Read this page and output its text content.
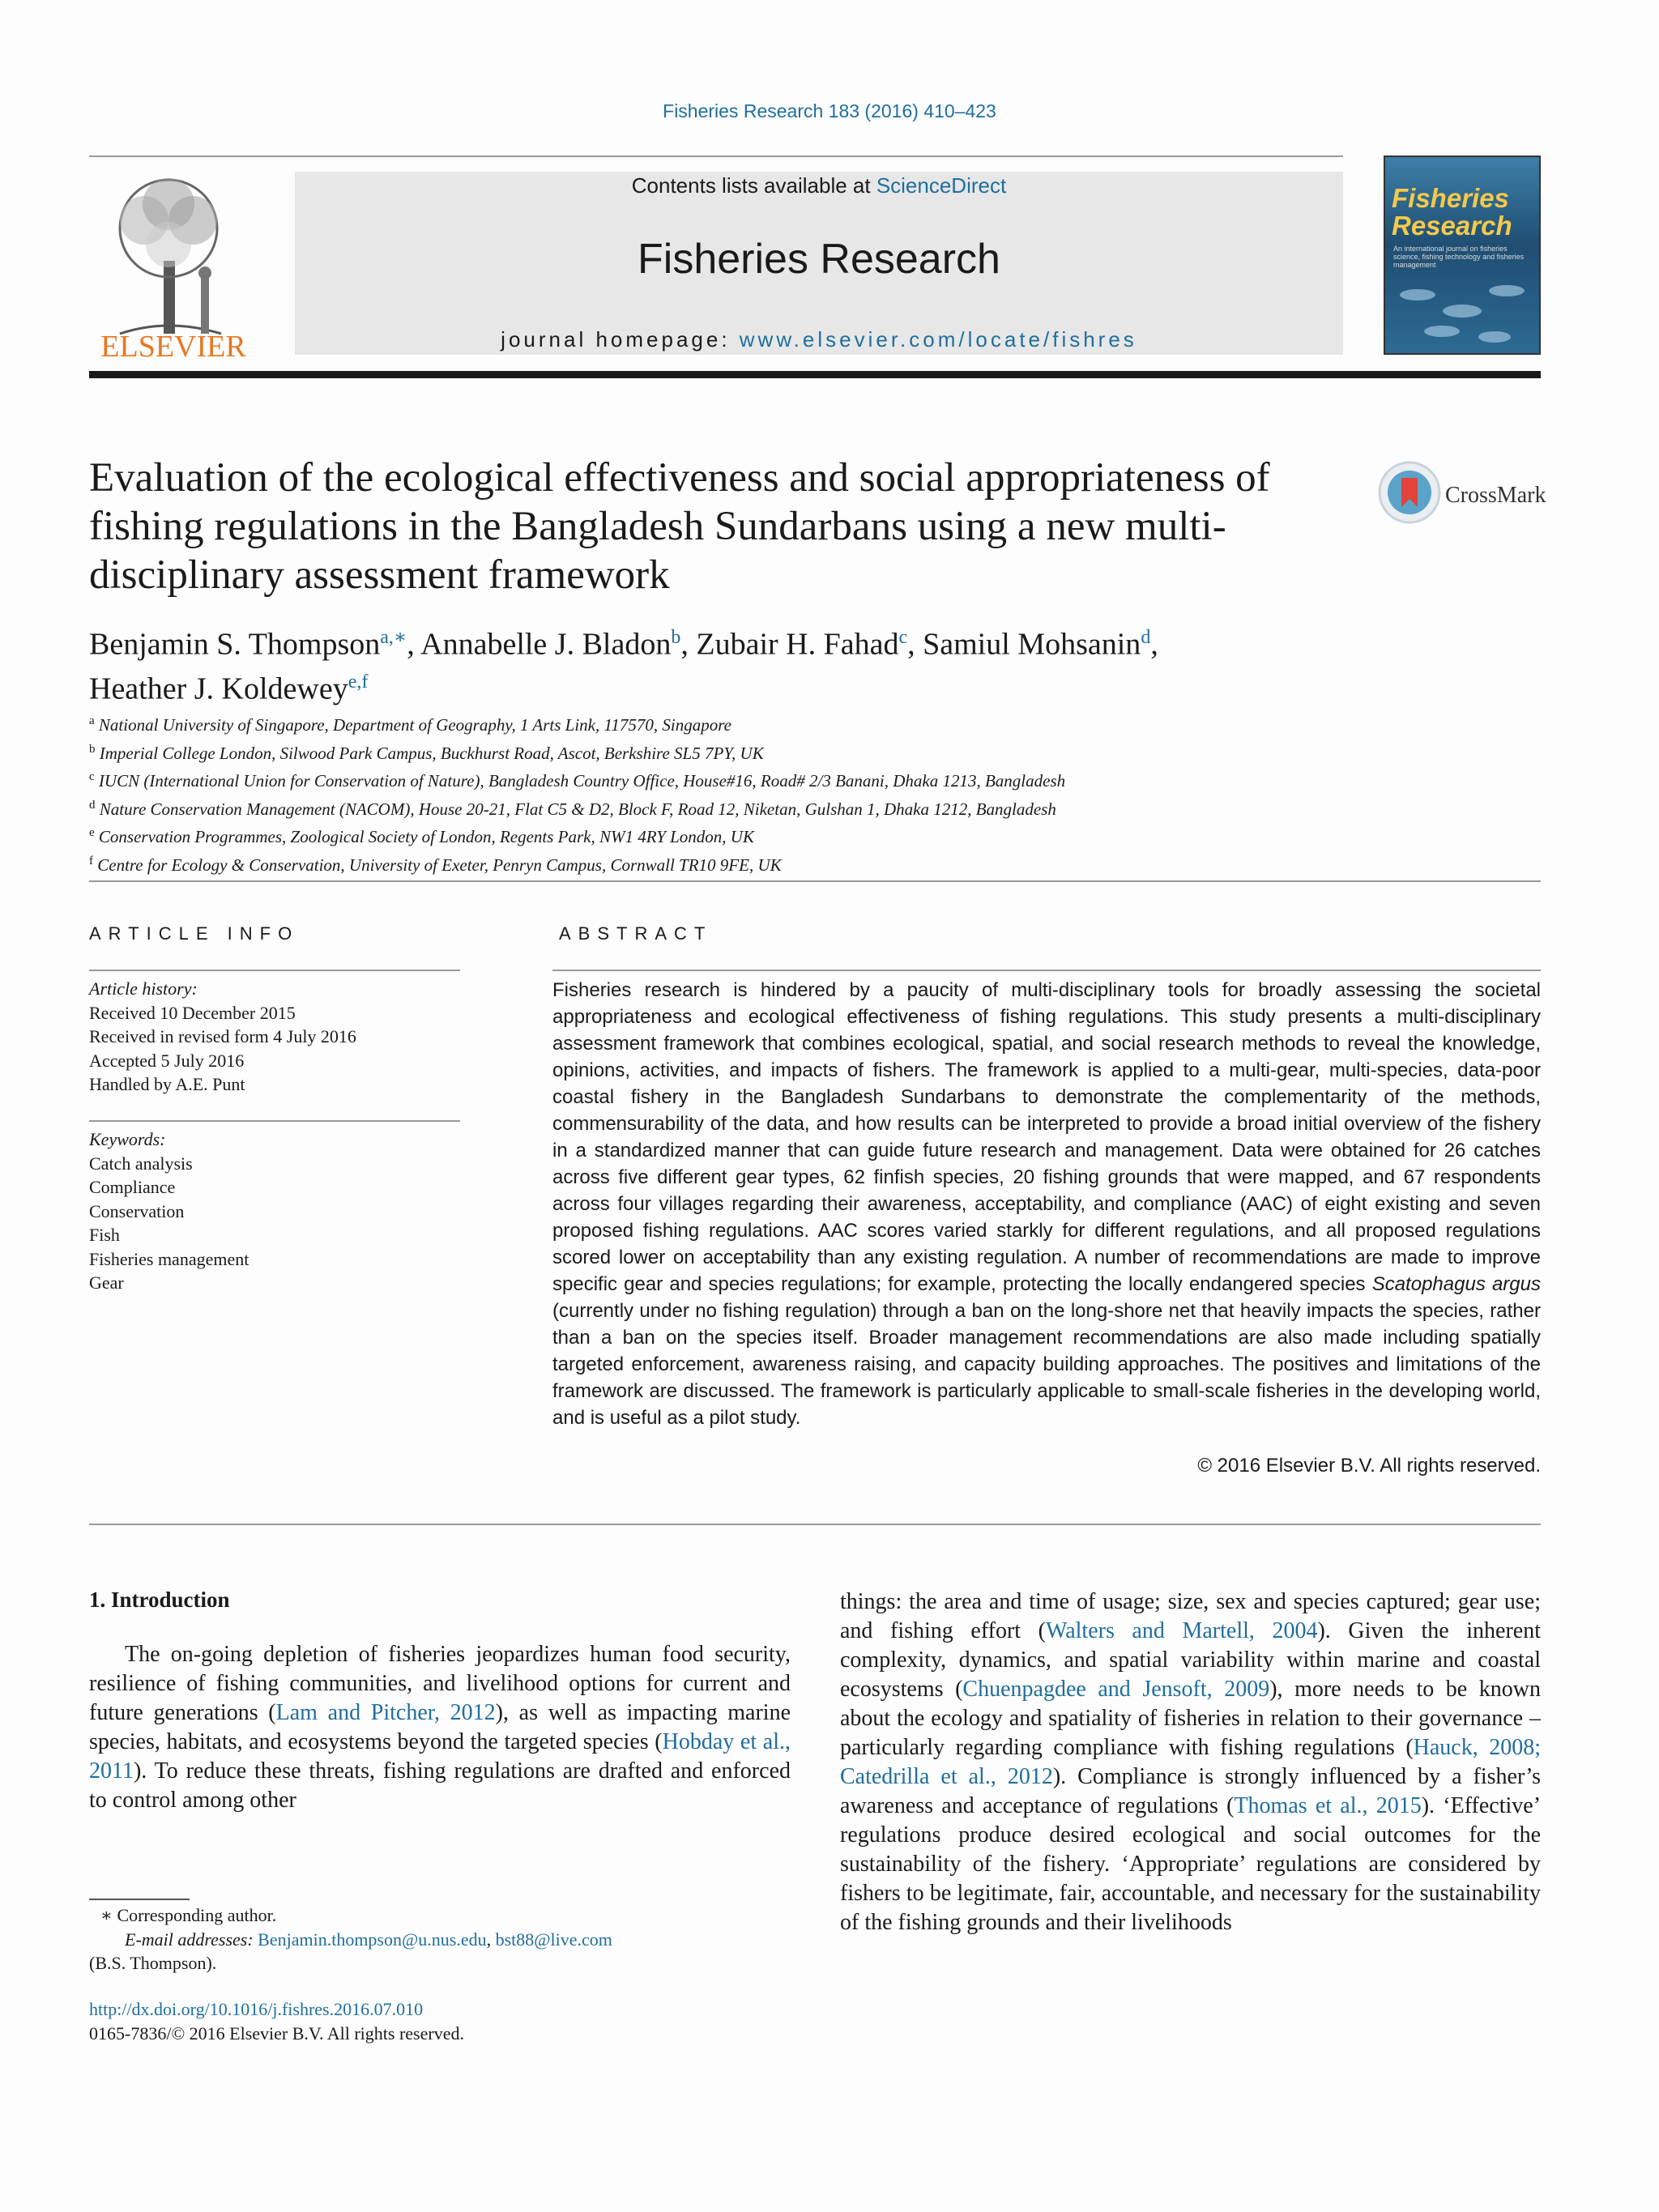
Fisheries Research 183 (2016) 410–423
ELSEVIER
Contents lists available at ScienceDirect
Fisheries Research
journal homepage: www.elsevier.com/locate/fishres
Fisheries Research
An international journal on fisheries science, fishing technology and fisheries management
Evaluation of the ecological effectiveness and social appropriateness of fishing regulations in the Bangladesh Sundarbans using a new multi-disciplinary assessment framework
CrossMark
Benjamin S. Thompson$^{a,∗}$, Annabelle J. Bladon$^b$, Zubair H. Fahad$^c$, Samiul Mohsanin$^d$,
Heather J. Koldewey$^{e,f}$
$^a$ National University of Singapore, Department of Geography, 1 Arts Link, 117570, Singapore
$^b$ Imperial College London, Silwood Park Campus, Buckhurst Road, Ascot, Berkshire SL5 7PY, UK
$^c$ IUCN (International Union for Conservation of Nature), Bangladesh Country Office, House#16, Road# 2/3 Banani, Dhaka 1213, Bangladesh
$^d$ Nature Conservation Management (NACOM), House 20-21, Flat C5 & D2, Block F, Road 12, Niketan, Gulshan 1, Dhaka 1212, Bangladesh
$^e$ Conservation Programmes, Zoological Society of London, Regents Park, NW1 4RY London, UK
$^f$ Centre for Ecology & Conservation, University of Exeter, Penryn Campus, Cornwall TR10 9FE, UK
ARTICLE INFO	ABSTRACT
Article history:
Received 10 December 2015
Received in revised form 4 July 2016
Accepted 5 July 2016
Handled by A.E. Punt
Keywords:
Catch analysis
Compliance
Conservation
Fish
Fisheries management
Gear
Fisheries research is hindered by a paucity of multi-disciplinary tools for broadly assessing the societal appropriateness and ecological effectiveness of fishing regulations. This study presents a multi-disciplinary assessment framework that combines ecological, spatial, and social research methods to reveal the knowledge, opinions, activities, and impacts of fishers. The framework is applied to a multi-gear, multi-species, data-poor coastal fishery in the Bangladesh Sundarbans to demonstrate the complementarity of the methods, commensurability of the data, and how results can be interpreted to provide a broad initial overview of the fishery in a standardized manner that can guide future research and management. Data were obtained for 26 catches across five different gear types, 62 finfish species, 20 fishing grounds that were mapped, and 67 respondents across four villages regarding their awareness, acceptability, and compliance (AAC) of eight existing and seven proposed fishing regulations. AAC scores varied starkly for different regulations, and all proposed regulations scored lower on acceptability than any existing regulation. A number of recommendations are made to improve specific gear and species regulations; for example, protecting the locally endangered species Scatophagus argus (currently under no fishing regulation) through a ban on the long-shore net that heavily impacts the species, rather than a ban on the species itself. Broader management recommendations are also made including spatially targeted enforcement, awareness raising, and capacity building approaches. The positives and limitations of the framework are discussed. The framework is particularly applicable to small-scale fisheries in the developing world, and is useful as a pilot study.
© 2016 Elsevier B.V. All rights reserved.
1. Introduction
The on-going depletion of fisheries jeopardizes human food security, resilience of fishing communities, and livelihood options for current and future generations (Lam and Pitcher, 2012), as well as impacting marine species, habitats, and ecosystems beyond the targeted species (Hobday et al., 2011). To reduce these threats, fishing regulations are drafted and enforced to control among other
things: the area and time of usage; size, sex and species captured; gear use; and fishing effort (Walters and Martell, 2004). Given the inherent complexity, dynamics, and spatial variability within marine and coastal ecosystems (Chuenpagdee and Jensoft, 2009), more needs to be known about the ecology and spatiality of fisheries in relation to their governance – particularly regarding compliance with fishing regulations (Hauck, 2008; Catedrilla et al., 2012). Compliance is strongly influenced by a fisher’s awareness and acceptance of regulations (Thomas et al., 2015). ‘Effective’ regulations produce desired ecological and social outcomes for the sustainability of the fishery. ‘Appropriate’ regulations are considered by fishers to be legitimate, fair, accountable, and necessary for the sustainability of the fishing grounds and their livelihoods
∗ Corresponding author.
E-mail addresses: Benjamin.thompson@u.nus.edu, bst88@live.com
(B.S. Thompson).
http://dx.doi.org/10.1016/j.fishres.2016.07.010
0165-7836/© 2016 Elsevier B.V. All rights reserved.
